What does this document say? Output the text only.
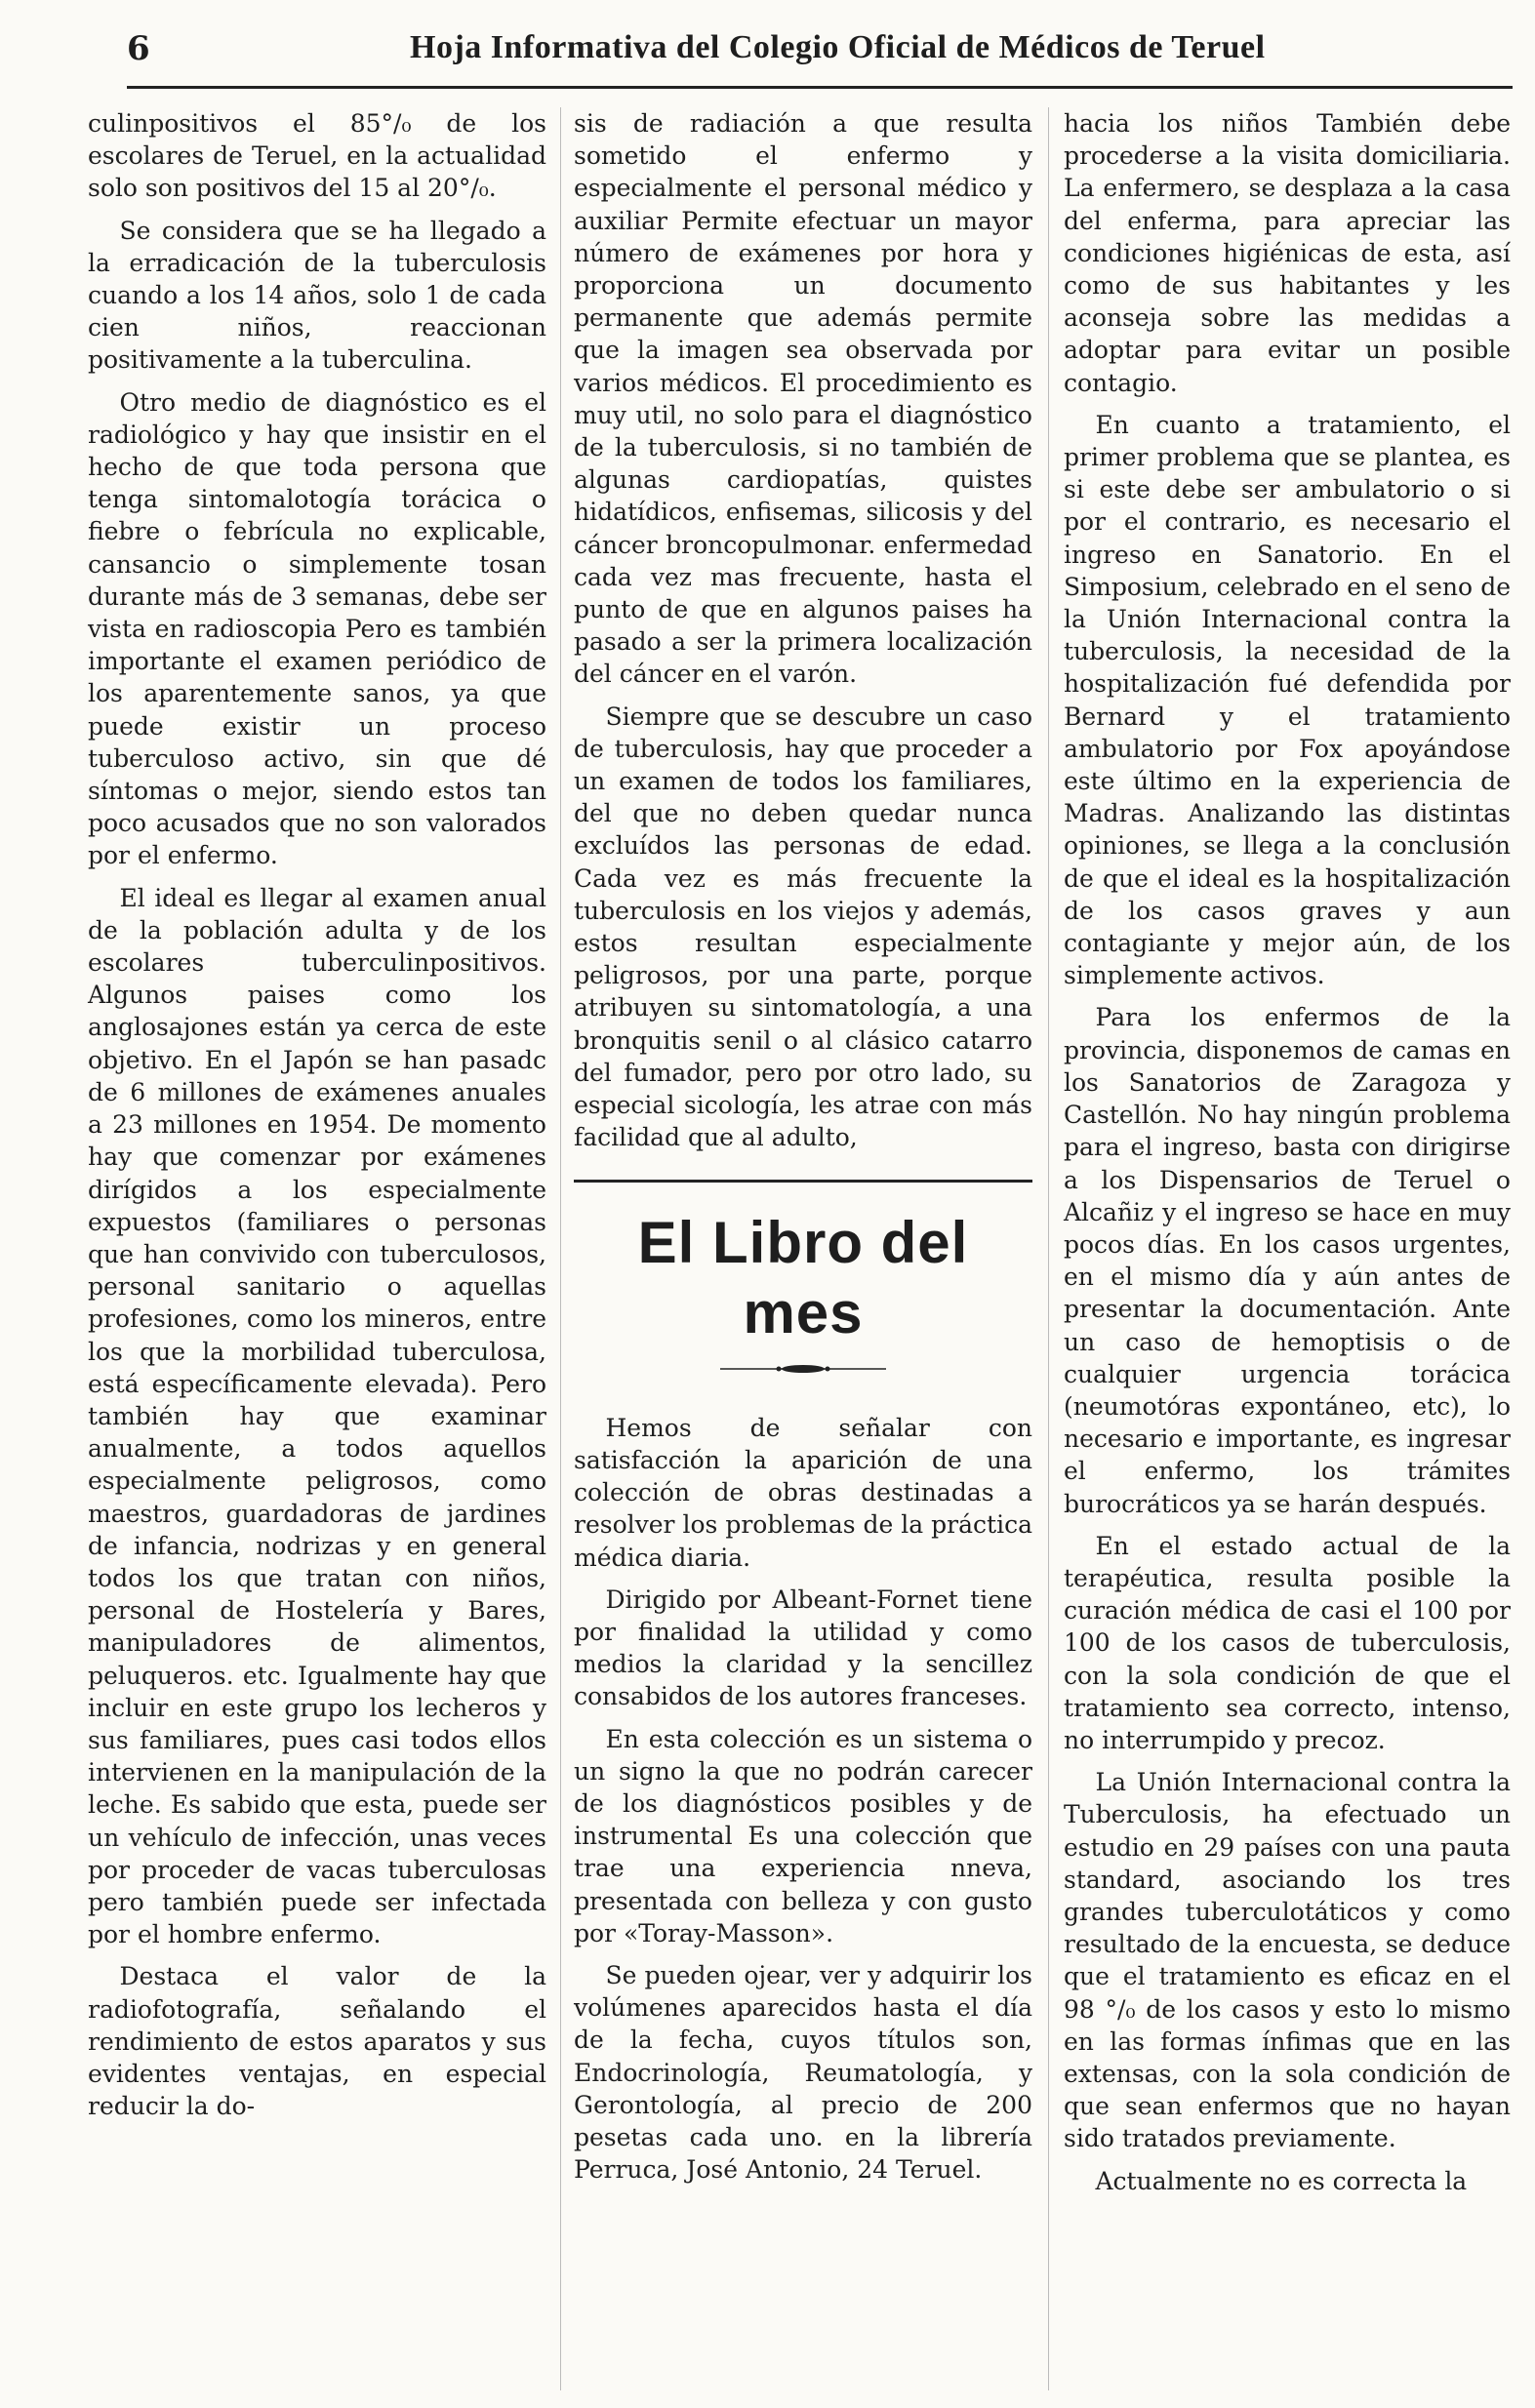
6	Hoja Informativa del Colegio Oficial de Médicos de Teruel

culinpositivos el 85°/₀ de los escolares de Teruel, en la actualidad solo son positivos del 15 al 20°/₀.

Se considera que se ha llegado a la erradicación de la tuberculosis cuando a los 14 años, solo 1 de cada cien niños, reaccionan positivamente a la tuberculina.

Otro medio de diagnóstico es el radiológico y hay que insistir en el hecho de que toda persona que tenga sintomalotogía torácica o fiebre o febrícula no explicable, cansancio o simplemente tosan durante más de 3 semanas, debe ser vista en radioscopia Pero es también importante el examen periódico de los aparentemente sanos, ya que puede existir un proceso tuberculoso activo, sin que dé síntomas o mejor, siendo estos tan poco acusados que no son valorados por el enfermo.

El ideal es llegar al examen anual de la población adulta y de los escolares tuberculinpositivos. Algunos paises como los anglosajones están ya cerca de este objetivo. En el Japón se han pasadc de 6 millones de exámenes anuales a 23 millones en 1954. De momento hay que comenzar por exámenes dirígidos a los especialmente expuestos (familiares o personas que han convivido con tuberculosos, personal sanitario o aquellas profesiones, como los mineros, entre los que la morbilidad tuberculosa, está específicamente elevada). Pero también hay que examinar anualmente, a todos aquellos especialmente peligrosos, como maestros, guardadoras de jardines de infancia, nodrizas y en general todos los que tratan con niños, personal de Hostelería y Bares, manipuladores de alimentos, peluqueros. etc. Igualmente hay que incluir en este grupo los lecheros y sus familiares, pues casi todos ellos intervienen en la manipulación de la leche. Es sabido que esta, puede ser un vehículo de infección, unas veces por proceder de vacas tuberculosas pero también puede ser infectada por el hombre enfermo.

Destaca el valor de la radiofotografía, señalando el rendimiento de estos aparatos y sus evidentes ventajas, en especial reducir la do-

sis de radiación a que resulta sometido el enfermo y especialmente el personal médico y auxiliar Permite efectuar un mayor número de exámenes por hora y proporciona un documento permanente que además permite que la imagen sea observada por varios médicos. El procedimiento es muy util, no solo para el diagnóstico de la tuberculosis, si no también de algunas cardiopatías, quistes hidatídicos, enfisemas, silicosis y del cáncer broncopulmonar. enfermedad cada vez mas frecuente, hasta el punto de que en algunos paises ha pasado a ser la primera localización del cáncer en el varón.

Siempre que se descubre un caso de tuberculosis, hay que proceder a un examen de todos los familiares, del que no deben quedar nunca excluídos las personas de edad. Cada vez es más frecuente la tuberculosis en los viejos y además, estos resultan especialmente peligrosos, por una parte, porque atribuyen su sintomatología, a una bronquitis senil o al clásico catarro del fumador, pero por otro lado, su especial sicología, les atrae con más facilidad que al adulto,

El Libro del mes

Hemos de señalar con satisfacción la aparición de una colección de obras destinadas a resolver los problemas de la práctica médica diaria.

Dirigido por Albeant-Fornet tiene por finalidad la utilidad y como medios la claridad y la sencillez consabidos de los autores franceses.

En esta colección es un sistema o un signo la que no podrán carecer de los diagnósticos posibles y de instrumental Es una colección que trae una experiencia nneva, presentada con belleza y con gusto por «Toray-Masson».

Se pueden ojear, ver y adquirir los volúmenes aparecidos hasta el día de la fecha, cuyos títulos son, Endocrinología, Reumatología, y Gerontología, al precio de 200 pesetas cada uno. en la librería Perruca, José Antonio, 24 Teruel.

hacia los niños También debe procederse a la visita domiciliaria. La enfermero, se desplaza a la casa del enferma, para apreciar las condiciones higiénicas de esta, así como de sus habitantes y les aconseja sobre las medidas a adoptar para evitar un posible contagio.

En cuanto a tratamiento, el primer problema que se plantea, es si este debe ser ambulatorio o si por el contrario, es necesario el ingreso en Sanatorio. En el Simposium, celebrado en el seno de la Unión Internacional contra la tuberculosis, la necesidad de la hospitalización fué defendida por Bernard y el tratamiento ambulatorio por Fox apoyándose este último en la experiencia de Madras. Analizando las distintas opiniones, se llega a la conclusión de que el ideal es la hospitalización de los casos graves y aun contagiante y mejor aún, de los simplemente activos.

Para los enfermos de la provincia, disponemos de camas en los Sanatorios de Zaragoza y Castellón. No hay ningún problema para el ingreso, basta con dirigirse a los Dispensarios de Teruel o Alcañiz y el ingreso se hace en muy pocos días. En los casos urgentes, en el mismo día y aún antes de presentar la documentación. Ante un caso de hemoptisis o de cualquier urgencia torácica (neumotóras expontáneo, etc), lo necesario e importante, es ingresar el enfermo, los trámites burocráticos ya se harán después.

En el estado actual de la terapéutica, resulta posible la curación médica de casi el 100 por 100 de los casos de tuberculosis, con la sola condición de que el tratamiento sea correcto, intenso, no interrumpido y precoz.

La Unión Internacional contra la Tuberculosis, ha efectuado un estudio en 29 países con una pauta standard, asociando los tres grandes tuberculotáticos y como resultado de la encuesta, se deduce que el tratamiento es eficaz en el 98 °/₀ de los casos y esto lo mismo en las formas ínfimas que en las extensas, con la sola condición de que sean enfermos que no hayan sido tratados previamente.

Actualmente no es correcta la
